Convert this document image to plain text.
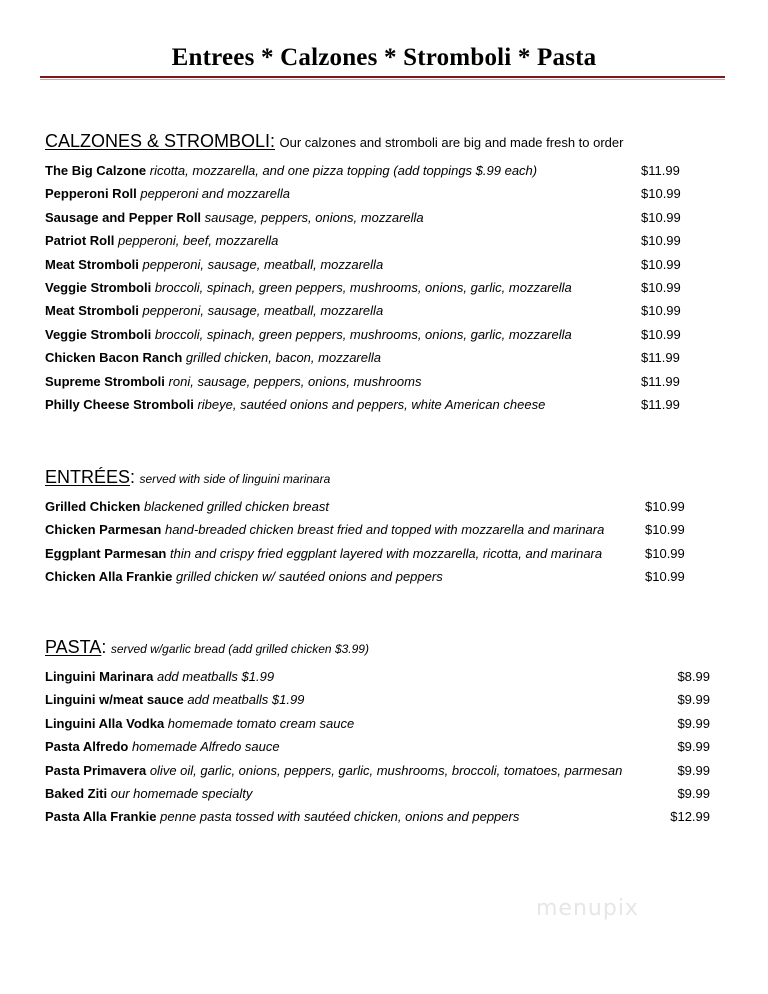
Entrees * Calzones * Stromboli * Pasta
CALZONES & STROMBOLI: Our calzones and stromboli are big and made fresh to order
The Big Calzone ricotta, mozzarella, and one pizza topping (add toppings $.99 each)	$11.99
Pepperoni Roll pepperoni and mozzarella	$10.99
Sausage and Pepper Roll sausage, peppers, onions, mozzarella	$10.99
Patriot Roll pepperoni, beef, mozzarella	$10.99
Meat Stromboli pepperoni, sausage, meatball, mozzarella	$10.99
Veggie Stromboli broccoli, spinach, green peppers, mushrooms, onions, garlic, mozzarella	$10.99
Meat Stromboli pepperoni, sausage, meatball, mozzarella	$10.99
Veggie Stromboli broccoli, spinach, green peppers, mushrooms, onions, garlic, mozzarella	$10.99
Chicken Bacon Ranch grilled chicken, bacon, mozzarella	$11.99
Supreme Stromboli roni, sausage, peppers, onions, mushrooms	$11.99
Philly Cheese Stromboli ribeye, sautéed onions and peppers, white American cheese	$11.99
ENTRÉES: served with side of linguini marinara
Grilled Chicken blackened grilled chicken breast	$10.99
Chicken Parmesan hand-breaded chicken breast fried and topped with mozzarella and marinara	$10.99
Eggplant Parmesan thin and crispy fried eggplant layered with mozzarella, ricotta, and marinara	$10.99
Chicken Alla Frankie grilled chicken w/ sautéed onions and peppers	$10.99
PASTA: served w/garlic bread (add grilled chicken $3.99)
Linguini Marinara add meatballs $1.99	$8.99
Linguini w/meat sauce add meatballs $1.99	$9.99
Linguini Alla Vodka homemade tomato cream sauce	$9.99
Pasta Alfredo homemade Alfredo sauce	$9.99
Pasta Primavera olive oil, garlic, onions, peppers, garlic, mushrooms, broccoli, tomatoes, parmesan	$9.99
Baked Ziti our homemade specialty	$9.99
Pasta Alla Frankie penne pasta tossed with sautéed chicken, onions and peppers	$12.99
menupix
